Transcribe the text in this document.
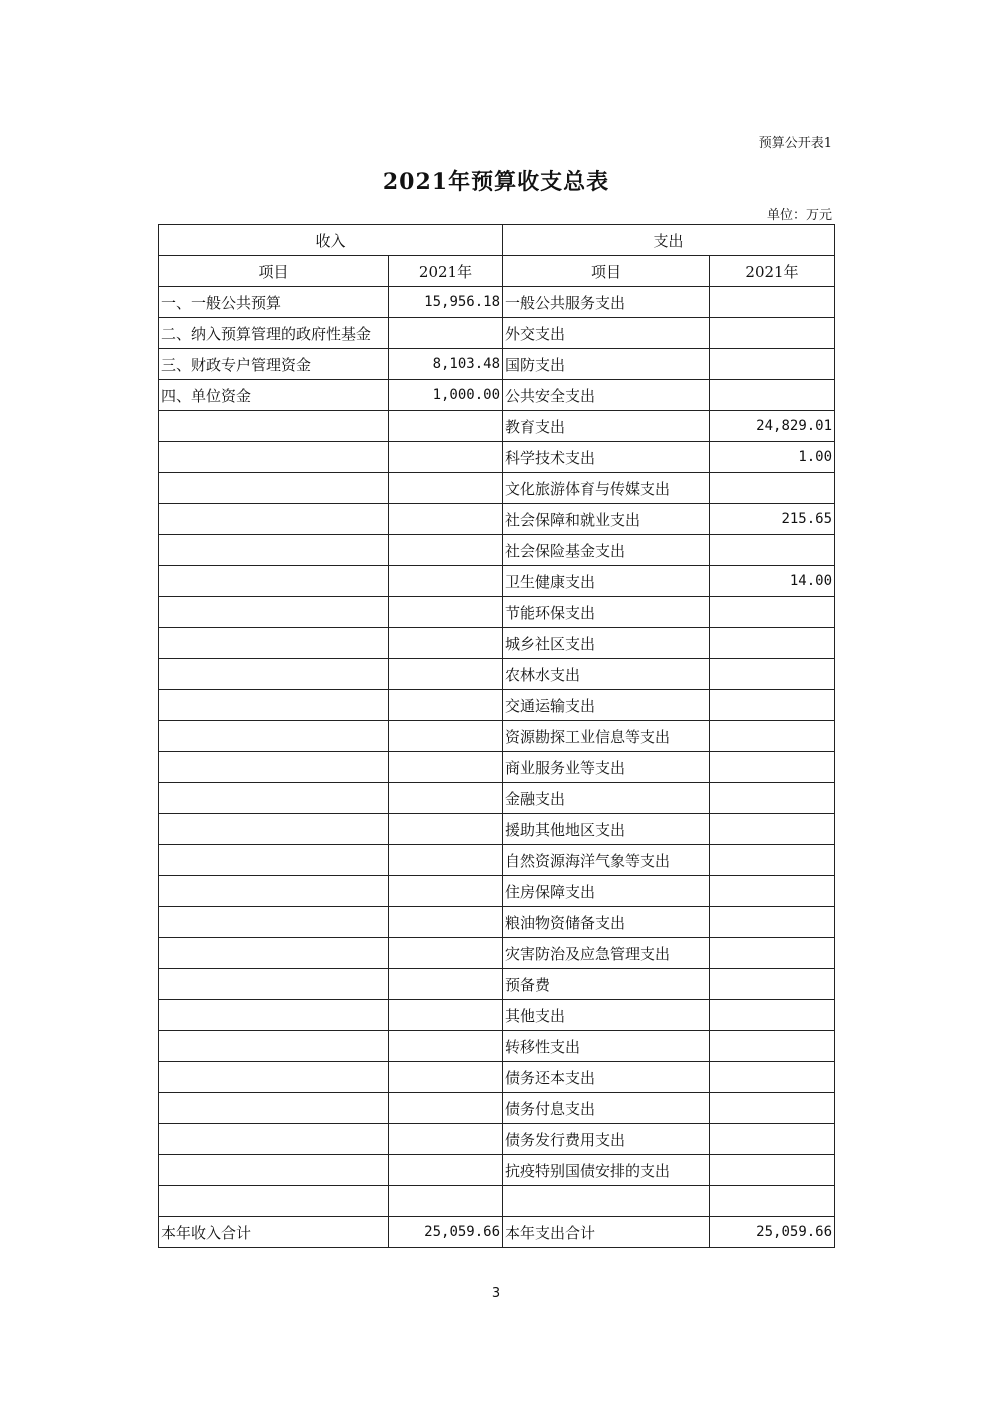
预算公开表1
2021年预算收支总表
单位：万元
收入		支出	
项目	2021年	项目	2021年
一、一般公共预算	15,956.18	一般公共服务支出	
二、纳入预算管理的政府性基金		外交支出	
三、财政专户管理资金	8,103.48	国防支出	
四、单位资金	1,000.00	公共安全支出	
		教育支出	24,829.01
		科学技术支出	1.00
		文化旅游体育与传媒支出	
		社会保障和就业支出	215.65
		社会保险基金支出	
		卫生健康支出	14.00
		节能环保支出	
		城乡社区支出	
		农林水支出	
		交通运输支出	
		资源勘探工业信息等支出	
		商业服务业等支出	
		金融支出	
		援助其他地区支出	
		自然资源海洋气象等支出	
		住房保障支出	
		粮油物资储备支出	
		灾害防治及应急管理支出	
		预备费	
		其他支出	
		转移性支出	
		债务还本支出	
		债务付息支出	
		债务发行费用支出	
		抗疫特别国债安排的支出	

本年收入合计	25,059.66	本年支出合计	25,059.66
3
